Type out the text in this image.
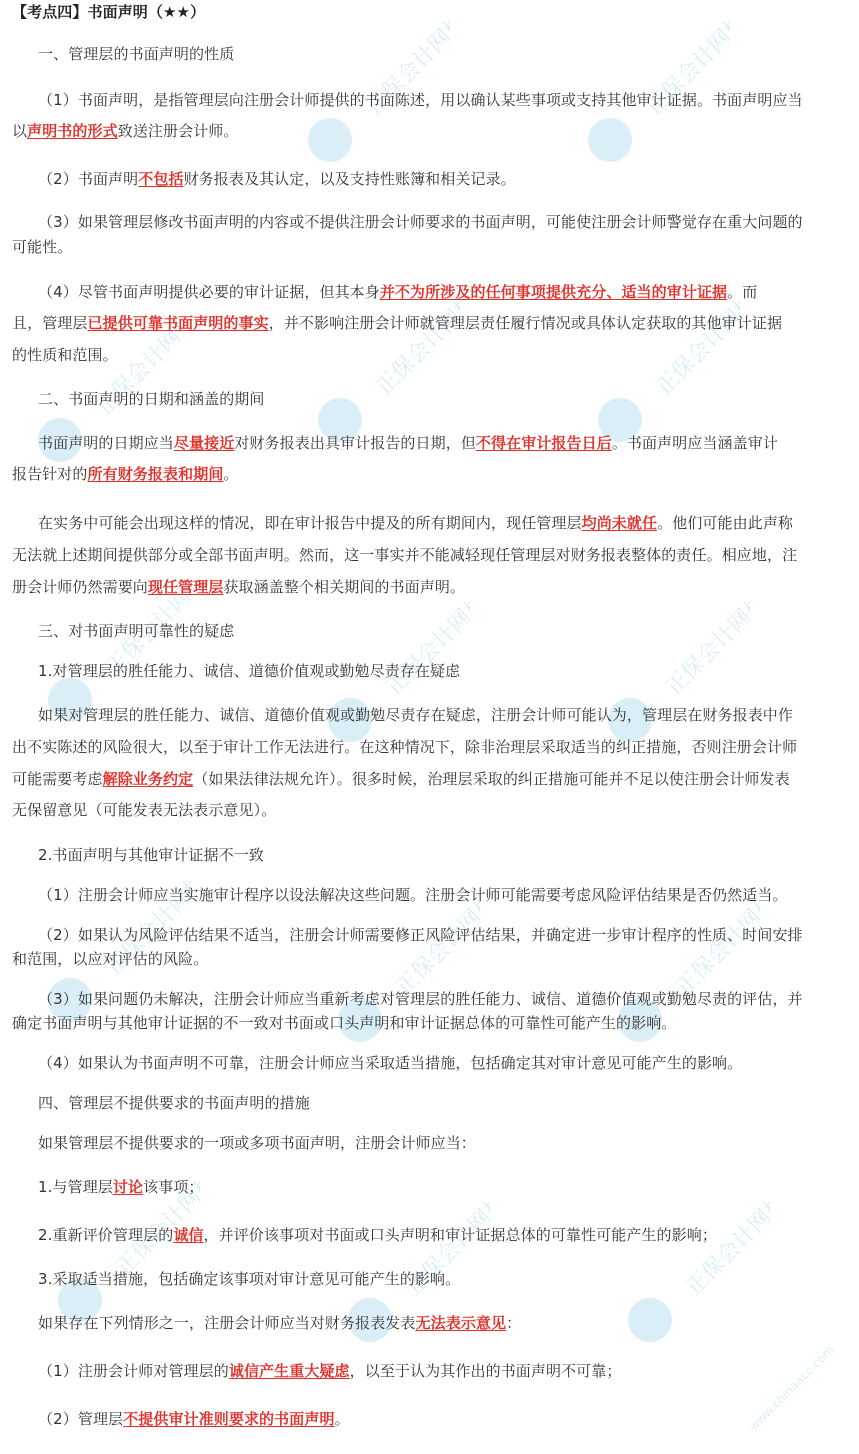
正保会计网校	正保会计网校
正保会计网校	正保会计网校	正保会计网校
正保会计网校	正保会计网校	正保会计网校
正保会计网校	正保会计网校	正保会计网校
正保会计网校	正保会计网校	正保会计网校
www.chinaacc.com
【考点四】书面声明（★★）
一、管理层的书面声明的性质
（1）书面声明，是指管理层向注册会计师提供的书面陈述，用以确认某些事项或支持其他审计证据。书面声明应当
以声明书的形式致送注册会计师。
（2）书面声明不包括财务报表及其认定，以及支持性账簿和相关记录。
（3）如果管理层修改书面声明的内容或不提供注册会计师要求的书面声明，可能使注册会计师警觉存在重大问题的
可能性。
（4）尽管书面声明提供必要的审计证据，但其本身并不为所涉及的任何事项提供充分、适当的审计证据。而
且，管理层已提供可靠书面声明的事实，并不影响注册会计师就管理层责任履行情况或具体认定获取的其他审计证据
的性质和范围。
二、书面声明的日期和涵盖的期间
书面声明的日期应当尽量接近对财务报表出具审计报告的日期，但不得在审计报告日后。书面声明应当涵盖审计
报告针对的所有财务报表和期间。
在实务中可能会出现这样的情况，即在审计报告中提及的所有期间内，现任管理层均尚未就任。他们可能由此声称
无法就上述期间提供部分或全部书面声明。然而，这一事实并不能减轻现任管理层对财务报表整体的责任。相应地，注
册会计师仍然需要向现任管理层获取涵盖整个相关期间的书面声明。
三、对书面声明可靠性的疑虑
1.对管理层的胜任能力、诚信、道德价值观或勤勉尽责存在疑虑
如果对管理层的胜任能力、诚信、道德价值观或勤勉尽责存在疑虑，注册会计师可能认为，管理层在财务报表中作
出不实陈述的风险很大，以至于审计工作无法进行。在这种情况下，除非治理层采取适当的纠正措施，否则注册会计师
可能需要考虑解除业务约定（如果法律法规允许）。很多时候，治理层采取的纠正措施可能并不足以使注册会计师发表
无保留意见（可能发表无法表示意见）。
2.书面声明与其他审计证据不一致
（1）注册会计师应当实施审计程序以设法解决这些问题。注册会计师可能需要考虑风险评估结果是否仍然适当。
（2）如果认为风险评估结果不适当，注册会计师需要修正风险评估结果，并确定进一步审计程序的性质、时间安排
和范围，以应对评估的风险。
（3）如果问题仍未解决，注册会计师应当重新考虑对管理层的胜任能力、诚信、道德价值观或勤勉尽责的评估，并
确定书面声明与其他审计证据的不一致对书面或口头声明和审计证据总体的可靠性可能产生的影响。
（4）如果认为书面声明不可靠，注册会计师应当采取适当措施，包括确定其对审计意见可能产生的影响。
四、管理层不提供要求的书面声明的措施
如果管理层不提供要求的一项或多项书面声明，注册会计师应当：
1.与管理层讨论该事项；
2.重新评价管理层的诚信，并评价该事项对书面或口头声明和审计证据总体的可靠性可能产生的影响；
3.采取适当措施，包括确定该事项对审计意见可能产生的影响。
如果存在下列情形之一，注册会计师应当对财务报表发表无法表示意见：
（1）注册会计师对管理层的诚信产生重大疑虑，以至于认为其作出的书面声明不可靠；
（2）管理层不提供审计准则要求的书面声明。
